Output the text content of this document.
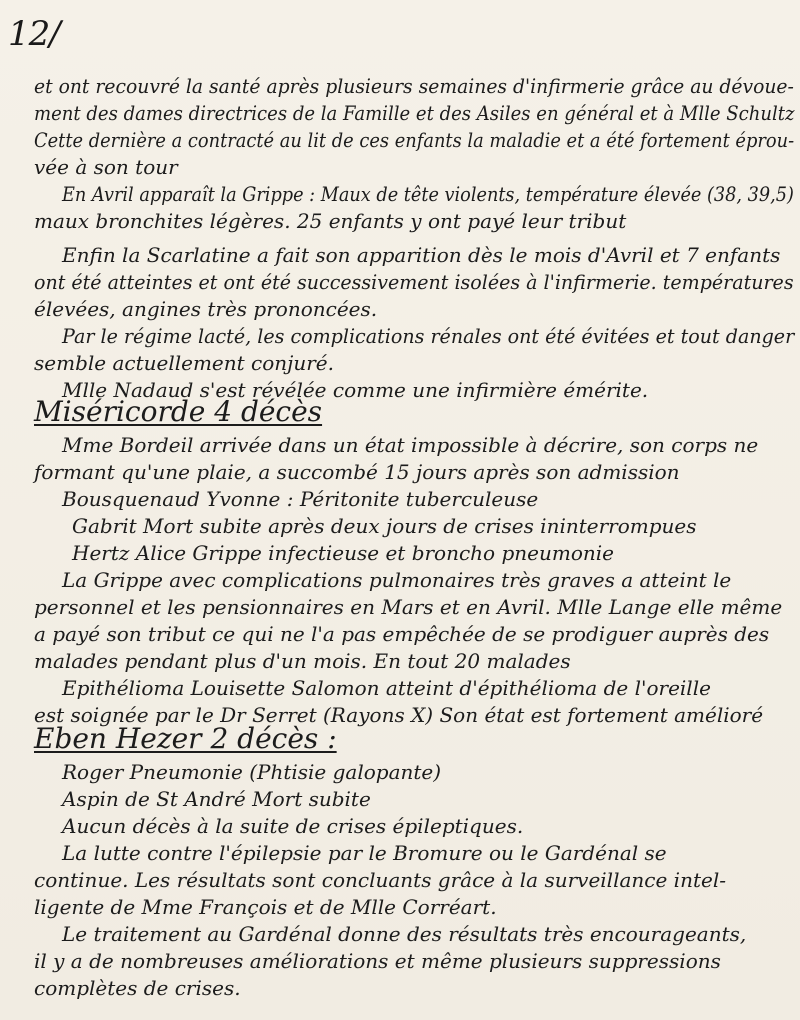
12/
et ont recouvré la santé après plusieurs semaines d'infirmerie grâce au dévoue-
ment des dames directrices de la Famille et des Asiles en général et à Mlle Schultz
Cette dernière a contracté au lit de ces enfants la maladie et a été fortement éprou-
vée à son tour
En Avril apparaît la Grippe : Maux de tête violents, température élevée (38, 39,5)
maux bronchites légères. 25 enfants y ont payé leur tribut
Enfin la Scarlatine a fait son apparition dès le mois d'Avril et 7 enfants
ont été atteintes et ont été successivement isolées à l'infirmerie. températures
élevées, angines très prononcées.
Par le régime lacté, les complications rénales ont été évitées et tout danger
semble actuellement conjuré.
Mlle Nadaud s'est révélée comme une infirmière émérite.
Miséricorde 4 décès
Mme Bordeil arrivée dans un état impossible à décrire, son corps ne
formant qu'une plaie, a succombé 15 jours après son admission
Bousquenaud Yvonne : Péritonite tuberculeuse
Gabrit Mort subite après deux jours de crises ininterrompues
Hertz Alice Grippe infectieuse et broncho pneumonie
La Grippe avec complications pulmonaires très graves a atteint le
personnel et les pensionnaires en Mars et en Avril. Mlle Lange elle même
a payé son tribut ce qui ne l'a pas empêchée de se prodiguer auprès des
malades pendant plus d'un mois. En tout 20 malades
Epithélioma Louisette Salomon atteint d'épithélioma de l'oreille
est soignée par le Dr Serret (Rayons X) Son état est fortement amélioré
Eben Hezer 2 décès :
Roger Pneumonie (Phtisie galopante)
Aspin de St André Mort subite
Aucun décès à la suite de crises épileptiques.
La lutte contre l'épilepsie par le Bromure ou le Gardénal se
continue. Les résultats sont concluants grâce à la surveillance intel-
ligente de Mme François et de Mlle Corréart.
Le traitement au Gardénal donne des résultats très encourageants,
il y a de nombreuses améliorations et même plusieurs suppressions
complètes de crises.
